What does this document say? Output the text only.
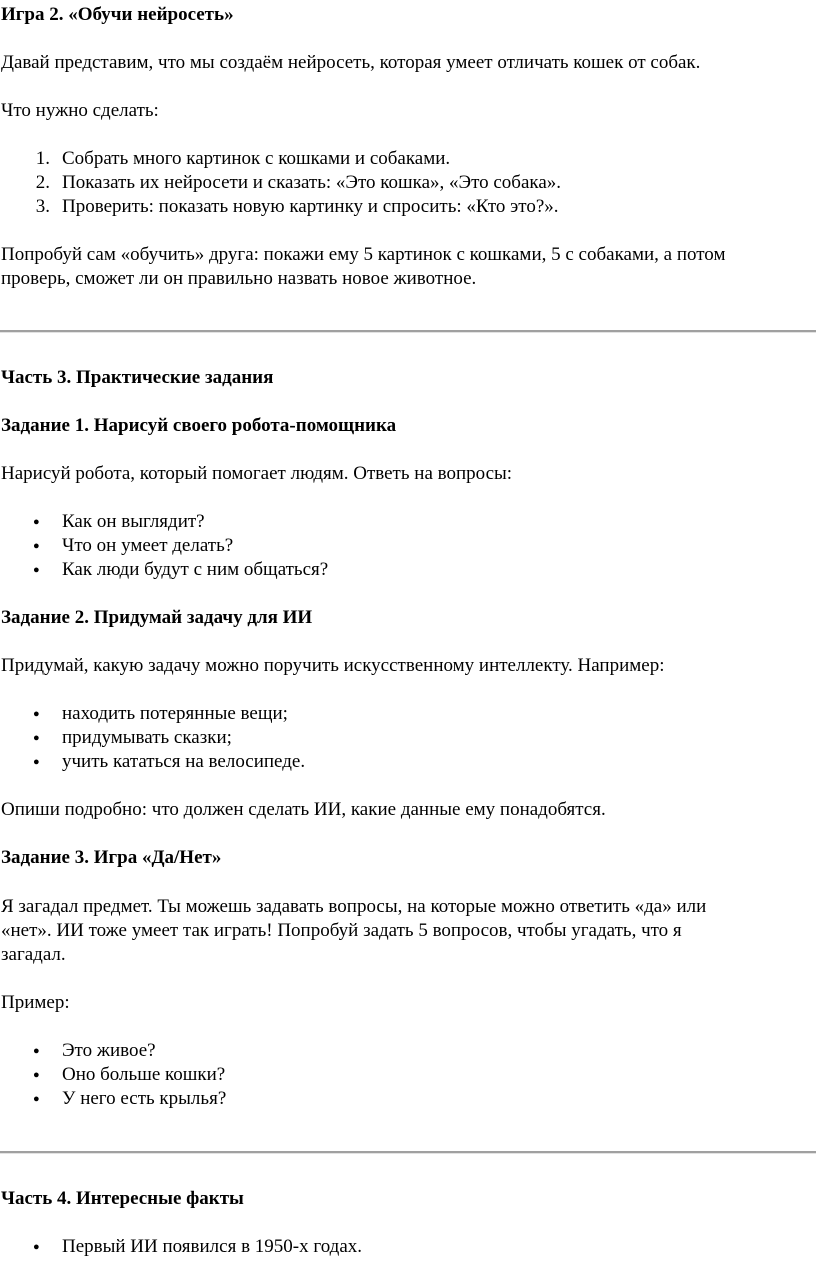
Игра 2. «Обучи нейросеть»

Давай представим, что мы создаём нейросеть, которая умеет отличать кошек от собак.

Что нужно сделать:

1. Собрать много картинок с кошками и собаками.
2. Показать их нейросети и сказать: «Это кошка», «Это собака».
3. Проверить: показать новую картинку и спросить: «Кто это?».

Попробуй сам «обучить» друга: покажи ему 5 картинок с кошками, 5 с собаками, а потом

проверь, сможет ли он правильно назвать новое животное.

Часть 3. Практические задания

Задание 1. Нарисуй своего робота-помощника

Нарисуй робота, который помогает людям. Ответь на вопросы:

● Как он выглядит?
● Что он умеет делать?
● Как люди будут с ним общаться?

Задание 2. Придумай задачу для ИИ

Придумай, какую задачу можно поручить искусственному интеллекту. Например:

● находить потерянные вещи;
● придумывать сказки;
● учить кататься на велосипеде.

Опиши подробно: что должен сделать ИИ, какие данные ему понадобятся.

Задание 3. Игра «Да/Нет»

Я загадал предмет. Ты можешь задавать вопросы, на которые можно ответить «да» или

«нет». ИИ тоже умеет так играть! Попробуй задать 5 вопросов, чтобы угадать, что я

загадал.

Пример:

● Это живое?
● Оно больше кошки?
● У него есть крылья?

Часть 4. Интересные факты

● Первый ИИ появился в 1950-х годах.
